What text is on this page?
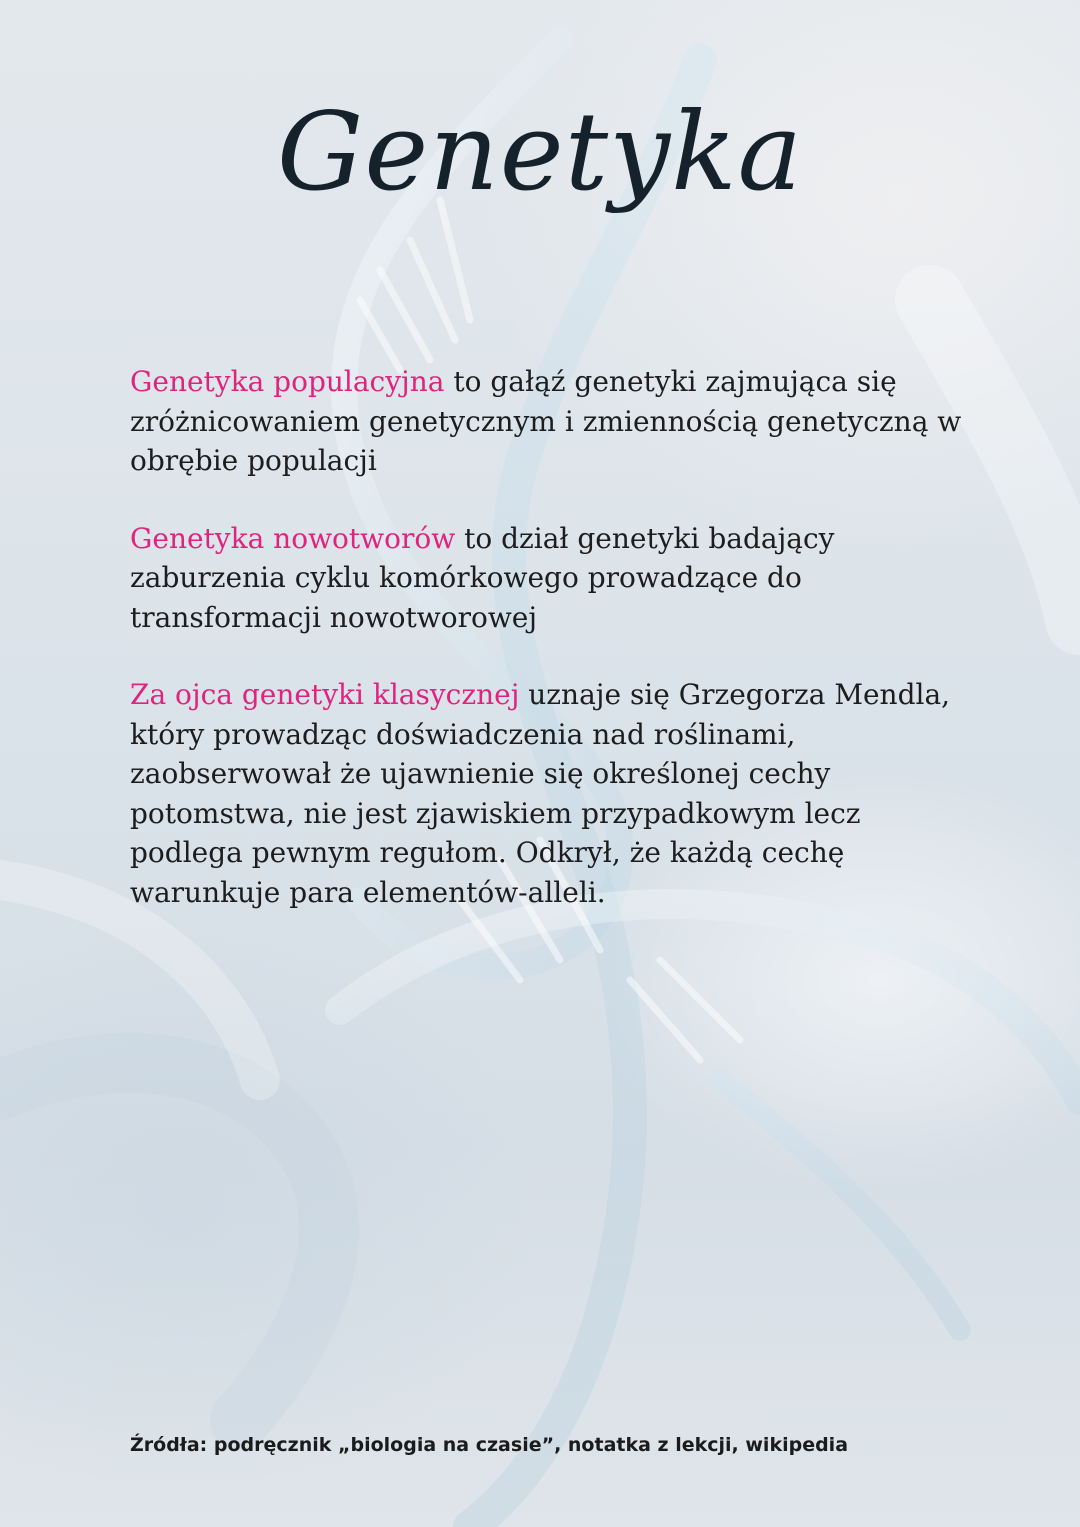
Genetyka

Genetyka populacyjna to gałąź genetyki zajmująca się zróżnicowaniem genetycznym i zmiennością genetyczną w obrębie populacji

Genetyka nowotworów to dział genetyki badający zaburzenia cyklu komórkowego prowadzące do transformacji nowotworowej

Za ojca genetyki klasycznej uznaje się Grzegorza Mendla, który prowadząc doświadczenia nad roślinami, zaobserwował że ujawnienie się określonej cechy potomstwa, nie jest zjawiskiem przypadkowym lecz podlega pewnym regułom. Odkrył, że każdą cechę warunkuje para elementów-alleli.

Źródła: podręcznik „biologia na czasie”, notatka z lekcji, wikipedia
